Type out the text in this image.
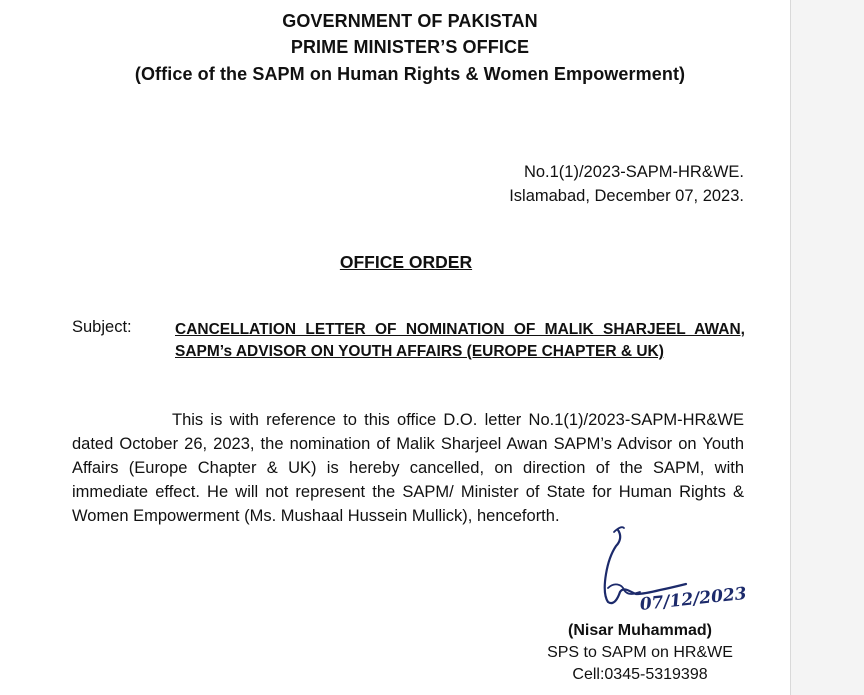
GOVERNMENT OF PAKISTAN
PRIME MINISTER’S OFFICE
(Office of the SAPM on Human Rights & Women Empowerment)
No.1(1)/2023-SAPM-HR&WE.
Islamabad, December 07, 2023.
OFFICE ORDER
Subject:	CANCELLATION LETTER OF NOMINATION OF MALIK SHARJEEL AWAN, SAPM’s ADVISOR ON YOUTH AFFAIRS (EUROPE CHAPTER & UK)
This is with reference to this office D.O. letter No.1(1)/2023-SAPM-HR&WE dated October 26, 2023, the nomination of Malik Sharjeel Awan SAPM’s Advisor on Youth Affairs (Europe Chapter & UK) is hereby cancelled, on direction of the SAPM, with immediate effect. He will not represent the SAPM/ Minister of State for Human Rights & Women Empowerment (Ms. Mushaal Hussein Mullick), henceforth.
07/12/2023
(Nisar Muhammad)
SPS to SAPM on HR&WE
Cell:0345-5319398
